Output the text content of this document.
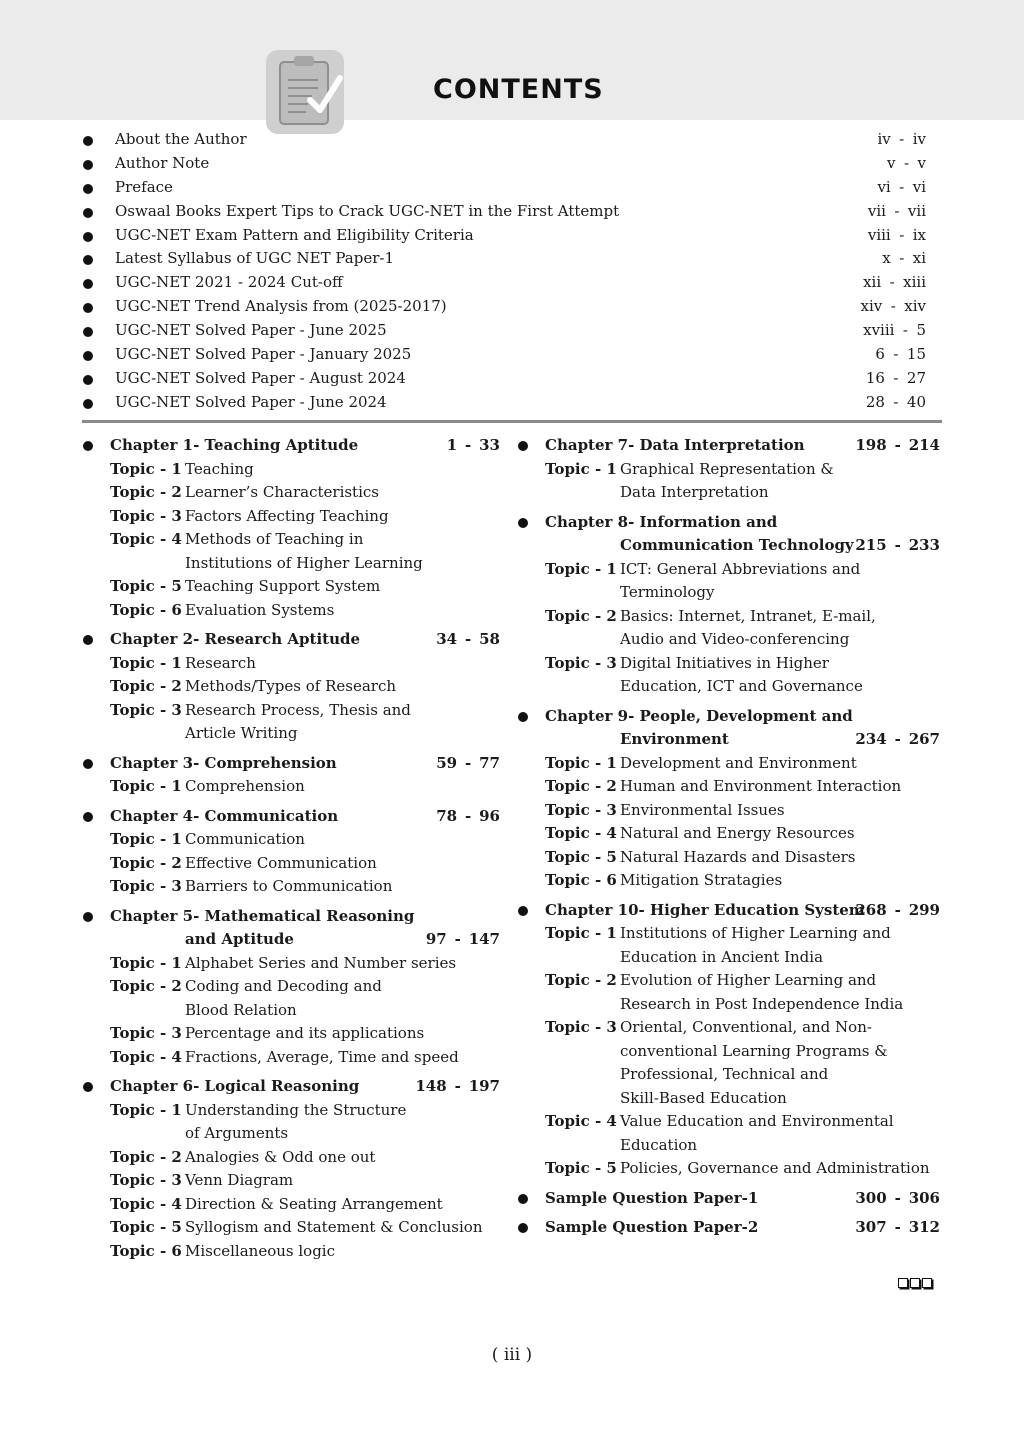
CONTENTS
About the Author	iv - iv
Author Note	v - v
Preface	vi - vi
Oswaal Books Expert Tips to Crack UGC-NET in the First Attempt	vii - vii
UGC-NET Exam Pattern and Eligibility Criteria	viii - ix
Latest Syllabus of UGC NET Paper-1	x - xi
UGC-NET 2021 - 2024 Cut-off	xii - xiii
UGC-NET Trend Analysis from (2025-2017)	xiv - xiv
UGC-NET Solved Paper - June 2025	xviii - 5
UGC-NET Solved Paper - January 2025	6 - 15
UGC-NET Solved Paper - August 2024	16 - 27
UGC-NET Solved Paper - June 2024	28 - 40
Chapter 1- Teaching Aptitude	1 - 33
Topic - 1 Teaching
Topic - 2 Learner’s Characteristics
Topic - 3 Factors Affecting Teaching
Topic - 4 Methods of Teaching in
Institutions of Higher Learning
Topic - 5 Teaching Support System
Topic - 6 Evaluation Systems
Chapter 2- Research Aptitude	34 - 58
Topic - 1 Research
Topic - 2 Methods/Types of Research
Topic - 3 Research Process, Thesis and
Article Writing
Chapter 3- Comprehension	59 - 77
Topic - 1 Comprehension
Chapter 4- Communication	78 - 96
Topic - 1 Communication
Topic - 2 Effective Communication
Topic - 3 Barriers to Communication
Chapter 5- Mathematical Reasoning
and Aptitude	97 - 147
Topic - 1 Alphabet Series and Number series
Topic - 2 Coding and Decoding and
Blood Relation
Topic - 3 Percentage and its applications
Topic - 4 Fractions, Average, Time and speed
Chapter 6- Logical Reasoning	148 - 197
Topic - 1 Understanding the Structure
of Arguments
Topic - 2 Analogies & Odd one out
Topic - 3 Venn Diagram
Topic - 4 Direction & Seating Arrangement
Topic - 5 Syllogism and Statement & Conclusion
Topic - 6 Miscellaneous logic
Chapter 7- Data Interpretation	198 - 214
Topic - 1 Graphical Representation &
Data Interpretation
Chapter 8- Information and
Communication Technology 215 - 233
Topic - 1 ICT: General Abbreviations and
Terminology
Topic - 2 Basics: Internet, Intranet, E-mail,
Audio and Video-conferencing
Topic - 3 Digital Initiatives in Higher
Education, ICT and Governance
Chapter 9- People, Development and
Environment	234 - 267
Topic - 1 Development and Environment
Topic - 2 Human and Environment Interaction
Topic - 3 Environmental Issues
Topic - 4 Natural and Energy Resources
Topic - 5 Natural Hazards and Disasters
Topic - 6 Mitigation Stratagies
Chapter 10- Higher Education System
268 - 299
Topic - 1 Institutions of Higher Learning and
Education in Ancient India
Topic - 2 Evolution of Higher Learning and
Research in Post Independence India
Topic - 3 Oriental, Conventional, and Non-
conventional Learning Programs &
Professional, Technical and
Skill-Based Education
Topic - 4 Value Education and Environmental
Education
Topic - 5 Policies, Governance and Administration
Sample Question Paper-1	300 - 306
Sample Question Paper-2	307 - 312
( iii )
